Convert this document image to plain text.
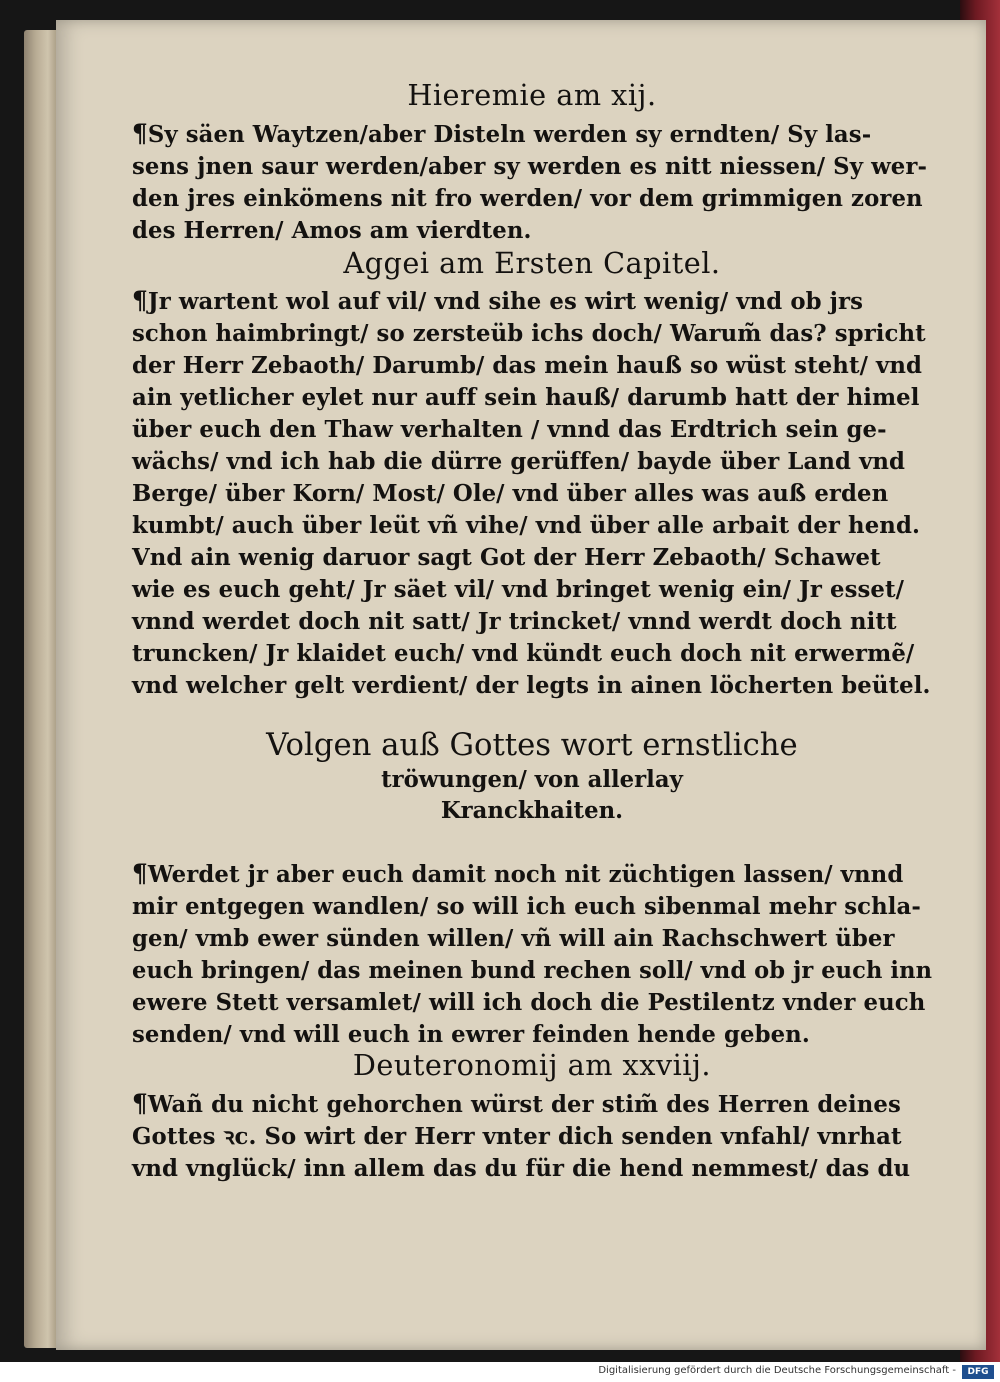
Hieremie am xij.
¶Sy säen Waytzen/aber Disteln werden sy erndten/ Sy las-
sens jnen saur werden/aber sy werden es nitt niessen/ Sy wer-
den jres einkömens nit fro werden/ vor dem grimmigen zoren
des Herren/ Amos am vierdten.
Aggei am Ersten Capitel.
¶Jr wartent wol auf vil/ vnd sihe es wirt wenig/ vnd ob jrs
schon haimbringt/ so zersteüb ichs doch/ Warum̃ das? spricht
der Herr Zebaoth/ Darumb/ das mein hauß so wüst steht/ vnd
ain yetlicher eylet nur auff sein hauß/ darumb hatt der himel
über euch den Thaw verhalten / vnnd das Erdtrich sein ge-
wächs/ vnd ich hab die dürre gerüffen/ bayde über Land vnd
Berge/ über Korn/ Most/ Ole/ vnd über alles was auß erden
kumbt/ auch über leüt vñ vihe/ vnd über alle arbait der hend.
Vnd ain wenig daruor sagt Got der Herr Zebaoth/ Schawet
wie es euch geht/ Jr säet vil/ vnd bringet wenig ein/ Jr esset/
vnnd werdet doch nit satt/ Jr trincket/ vnnd werdt doch nitt
truncken/ Jr klaidet euch/ vnd kündt euch doch nit erwermẽ/
vnd welcher gelt verdient/ der legts in ainen löcherten beütel.
Volgen auß Gottes wort ernstliche
tröwungen/ von allerlay
Kranckhaiten.
¶Werdet jr aber euch damit noch nit züchtigen lassen/ vnnd
mir entgegen wandlen/ so will ich euch sibenmal mehr schla-
gen/ vmb ewer sünden willen/ vñ will ain Rachschwert über
euch bringen/ das meinen bund rechen soll/ vnd ob jr euch inn
ewere Stett versamlet/ will ich doch die Pestilentz vnder euch
senden/ vnd will euch in ewrer feinden hende geben.
Deuteronomij am xxviij.
¶Wañ du nicht gehorchen würst der stim̃ des Herren deines
Gottes ꝛc. So wirt der Herr vnter dich senden vnfahl/ vnrhat
vnd vnglück/ inn allem das du für die hend nemmest/ das du
Digitalisierung gefördert durch die Deutsche Forschungsgemeinschaft -	DFG
